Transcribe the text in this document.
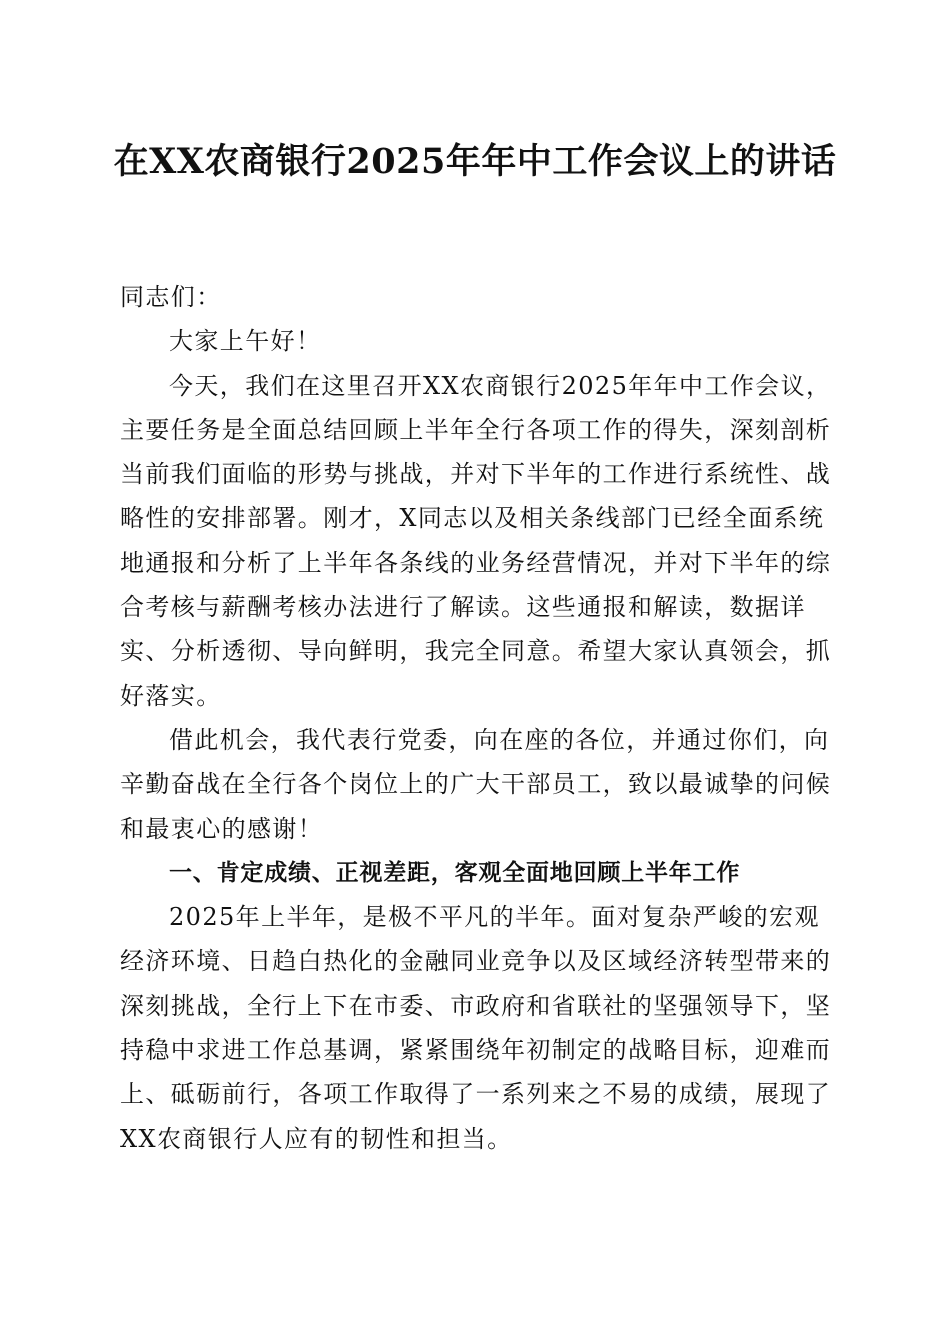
在XX农商银行2025年年中工作会议上的讲话

同志们：

大家上午好！

今天，我们在这里召开XX农商银行2025年年中工作会议，主要任务是全面总结回顾上半年全行各项工作的得失，深刻剖析当前我们面临的形势与挑战，并对下半年的工作进行系统性、战略性的安排部署。刚才，X同志以及相关条线部门已经全面系统地通报和分析了上半年各条线的业务经营情况，并对下半年的综合考核与薪酬考核办法进行了解读。这些通报和解读，数据详实、分析透彻、导向鲜明，我完全同意。希望大家认真领会，抓好落实。

借此机会，我代表行党委，向在座的各位，并通过你们，向辛勤奋战在全行各个岗位上的广大干部员工，致以最诚挚的问候和最衷心的感谢！

一、肯定成绩、正视差距，客观全面地回顾上半年工作

2025年上半年，是极不平凡的半年。面对复杂严峻的宏观经济环境、日趋白热化的金融同业竞争以及区域经济转型带来的深刻挑战，全行上下在市委、市政府和省联社的坚强领导下，坚持稳中求进工作总基调，紧紧围绕年初制定的战略目标，迎难而上、砥砺前行，各项工作取得了一系列来之不易的成绩，展现了XX农商银行人应有的韧性和担当。
